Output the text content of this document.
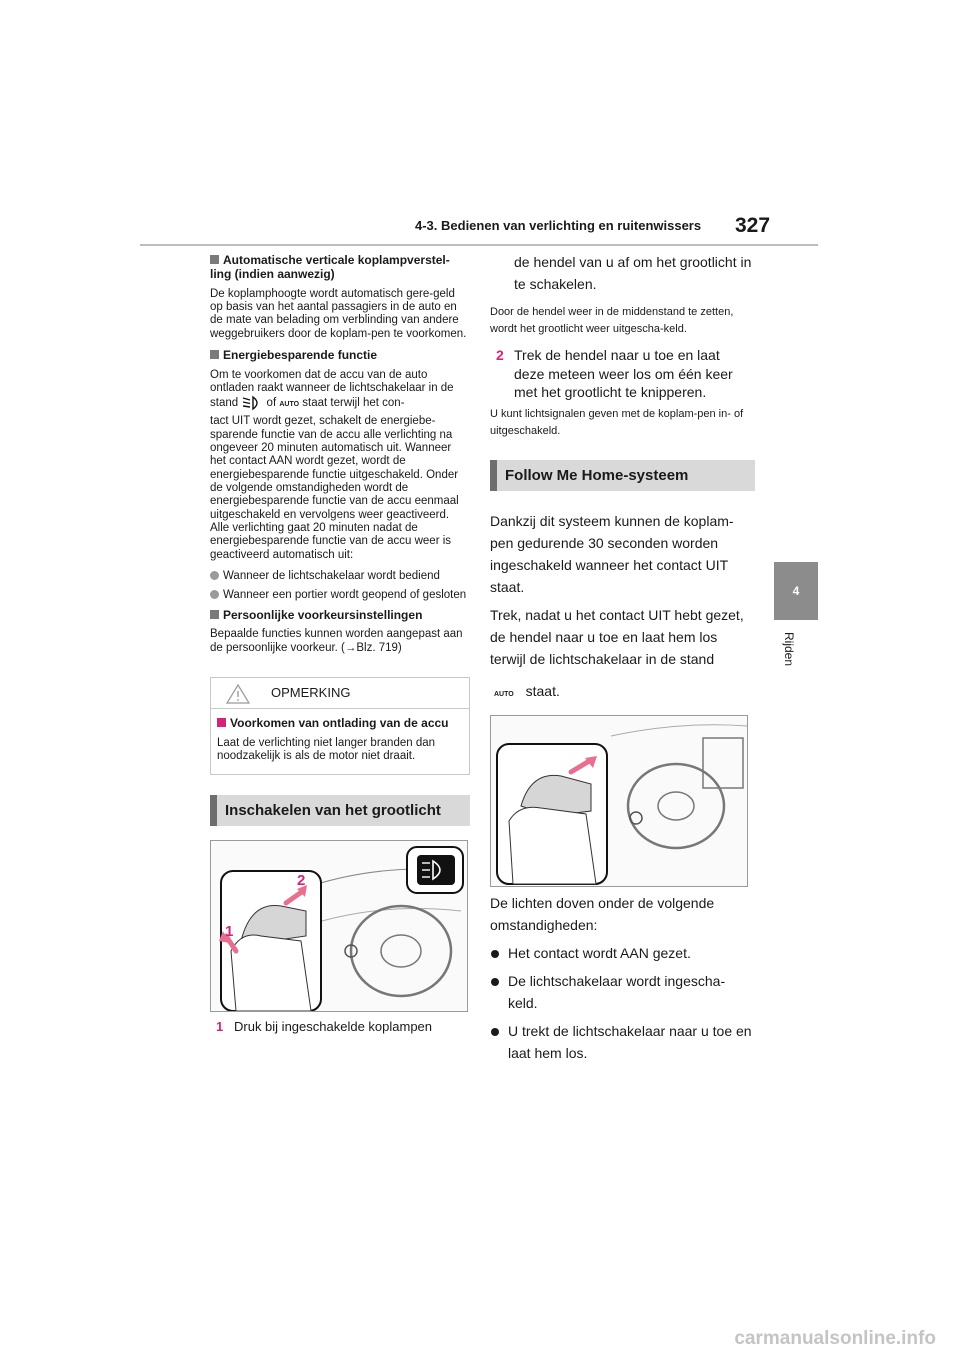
4-3. Bedienen van verlichting en ruitenwissers 327
4
Rijden

Automatische verticale koplampverstel-ling (indien aanwezig)

De koplamphoogte wordt automatisch gere-geld op basis van het aantal passagiers in de auto en de mate van belading om verblinding van andere weggebruikers door de koplam-pen te voorkomen.

Energiebesparende functie

Om te voorkomen dat de accu van de auto ontladen raakt wanneer de lichtschakelaar in de stand of AUTO staat terwijl het con-

tact UIT wordt gezet, schakelt de energiebe-sparende functie van de accu alle verlichting na ongeveer 20 minuten automatisch uit. Wanneer het contact AAN wordt gezet, wordt de energiebesparende functie uitgeschakeld. Onder de volgende omstandigheden wordt de energiebesparende functie van de accu eenmaal uitgeschakeld en vervolgens weer geactiveerd. Alle verlichting gaat 20 minuten nadat de energiebesparende functie van de accu weer is geactiveerd automatisch uit:

Wanneer de lichtschakelaar wordt bediend

Wanneer een portier wordt geopend of gesloten

Persoonlijke voorkeursinstellingen

Bepaalde functies kunnen worden aangepast aan de persoonlijke voorkeur. (→Blz. 719)

OPMERKING

Voorkomen van ontlading van de accu

Laat de verlichting niet langer branden dan noodzakelijk is als de motor niet draait.

Inschakelen van het grootlicht
1
2

1 Druk bij ingeschakelde koplampen

de hendel van u af om het grootlicht in te schakelen.

Door de hendel weer in de middenstand te zetten, wordt het grootlicht weer uitgescha-keld.

2 Trek de hendel naar u toe en laat deze meteen weer los om één keer met het grootlicht te knipperen.

U kunt lichtsignalen geven met de koplam-pen in- of uitgeschakeld.

Follow Me Home-systeem

Dankzij dit systeem kunnen de koplam-pen gedurende 30 seconden worden ingeschakeld wanneer het contact UIT staat.

Trek, nadat u het contact UIT hebt gezet, de hendel naar u toe en laat hem los terwijl de lichtschakelaar in de stand

AUTO staat.

De lichten doven onder de volgende omstandigheden:

Het contact wordt AAN gezet.

De lichtschakelaar wordt ingescha-keld.

U trekt de lichtschakelaar naar u toe en laat hem los.

carmanualsonline.info
